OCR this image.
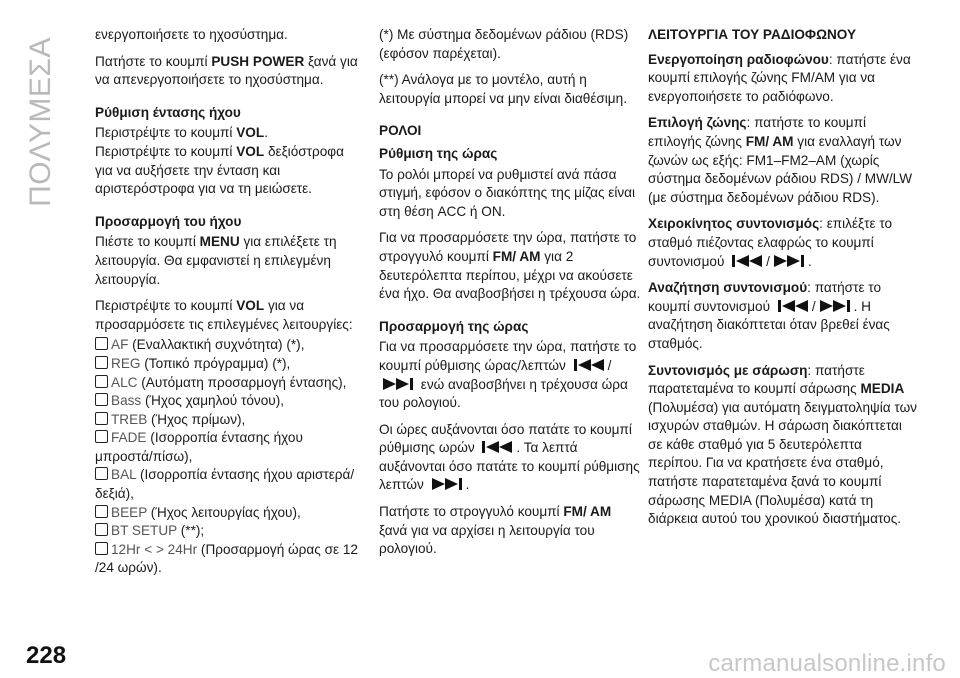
ΠΟΛΥΜΕΣΑ

ενεργοποιήσετε το ηχοσύστημα.

Πατήστε το κουμπί PUSH POWER ξανά για να απενεργοποιήσετε το ηχοσύστημα.

Ρύθμιση έντασης ήχου

Περιστρέψτε το κουμπί VOL.
Περιστρέψτε το κουμπί VOL δεξιόστροφα για να αυξήσετε την ένταση και αριστερόστροφα για να τη μειώσετε.

Προσαρμογή του ήχου

Πιέστε το κουμπί MENU για επιλέξετε τη λειτουργία. Θα εμφανιστεί η επιλεγμένη λειτουργία.

Περιστρέψτε το κουμπί VOL για να προσαρμόσετε τις επιλεγμένες λειτουργίες:

AF (Εναλλακτική συχνότητα) (*),
REG (Τοπικό πρόγραμμα) (*),
ALC (Αυτόματη προσαρμογή έντασης),
Bass (Ήχος χαμηλού τόνου),
TREB (Ήχος πρίμων),
FADE (Ισορροπία έντασης ήχου μπροστά/πίσω),
BAL (Ισορροπία έντασης ήχου αριστερά/δεξιά),
BEEP (Ήχος λειτουργίας ήχου),
BT SETUP (**);
12Hr < > 24Hr (Προσαρμογή ώρας σε 12 /24 ωρών).

(*) Με σύστημα δεδομένων ράδιου (RDS) (εφόσον παρέχεται).

(**) Ανάλογα με το μοντέλο, αυτή η λειτουργία μπορεί να μην είναι διαθέσιμη.

ΡΟΛΟΙ
Ρύθμιση της ώρας

Το ρολόι μπορεί να ρυθμιστεί ανά πάσα στιγμή, εφόσον ο διακόπτης της μίζας είναι στη θέση ACC ή ON.

Για να προσαρμόσετε την ώρα, πατήστε το στρογγυλό κουμπί FM/ AM για 2 δευτερόλεπτα περίπου, μέχρι να ακούσετε ένα ήχο. Θα αναβοσβήσει η τρέχουσα ώρα.

Προσαρμογή της ώρας

Για να προσαρμόσετε την ώρα, πατήστε το κουμπί ρύθμισης ώρας/λεπτών	/
ενώ αναβοσβήνει η τρέχουσα ώρα του ρολογιού.

Οι ώρες αυξάνονται όσο πατάτε το κουμπί ρύθμισης ωρών	. Τα λεπτά αυξάνονται όσο πατάτε το κουμπί ρύθμισης λεπτών	.

Πατήστε το στρογγυλό κουμπί FM/ AM ξανά για να αρχίσει η λειτουργία του ρολογιού.

ΛΕΙΤΟΥΡΓΙΑ ΤΟΥ ΡΑΔΙΟΦΩΝΟΥ

Ενεργοποίηση ραδιοφώνου: πατήστε ένα κουμπί επιλογής ζώνης FM/AM για να ενεργοποιήσετε το ραδιόφωνο.

Επιλογή ζώνης: πατήστε το κουμπί επιλογής ζώνης FM/ AM για εναλλαγή των ζωνών ως εξής: FM1–FM2–AM (χωρίς σύστημα δεδομένων ράδιου RDS) / MW/LW (με σύστημα δεδομένων ράδιου RDS).

Χειροκίνητος συντονισμός: επιλέξτε το σταθμό πιέζοντας ελαφρώς το κουμπί συντονισμού	/	.

Αναζήτηση συντονισμού: πατήστε το κουμπί συντονισμού	/	. Η αναζήτηση διακόπτεται όταν βρεθεί ένας σταθμός.

Συντονισμός με σάρωση: πατήστε παρατεταμένα το κουμπί σάρωσης MEDIA (Πολυμέσα) για αυτόματη δειγματοληψία των ισχυρών σταθμών. Η σάρωση διακόπτεται σε κάθε σταθμό για 5 δευτερόλεπτα περίπου. Για να κρατήσετε ένα σταθμό, πατήστε παρατεταμένα ξανά το κουμπί σάρωσης MEDIA (Πολυμέσα) κατά τη διάρκεια αυτού του χρονικού διαστήματος.

228	carmanualsonline.info
